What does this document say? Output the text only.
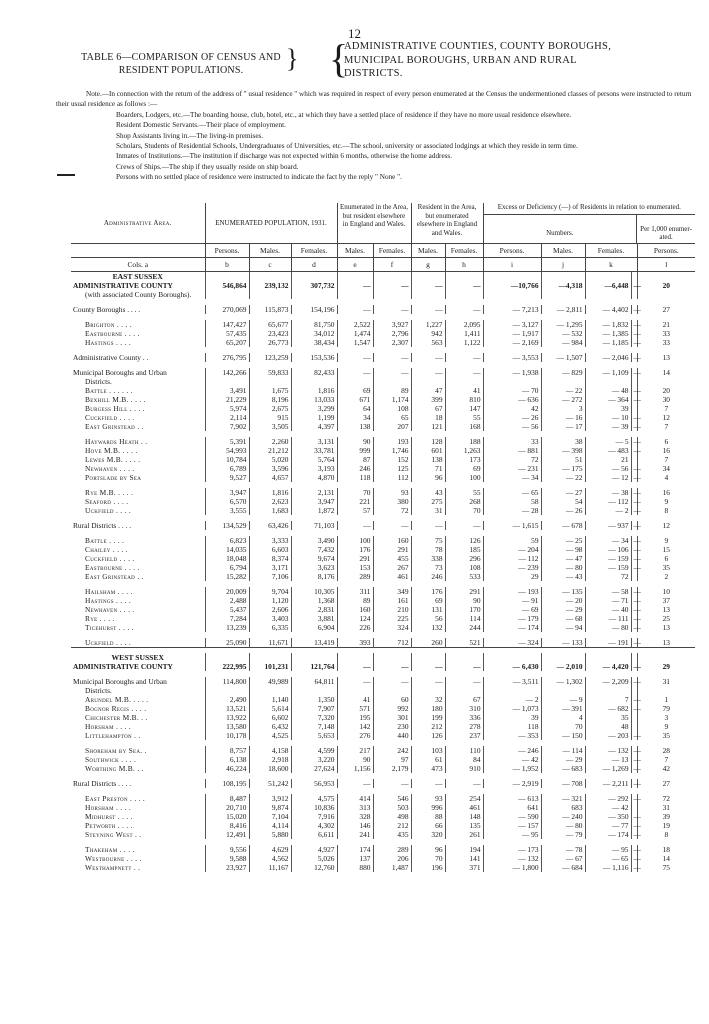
12
TABLE 6—COMPARISON OF CENSUS AND
RESIDENT POPULATIONS.	} {
ADMINISTRATIVE COUNTIES, COUNTY BOROUGHS,
MUNICIPAL BOROUGHS, URBAN AND RURAL
DISTRICTS.

Note.—In connection with the return of the address of " usual residence " which was required in respect of every person enumerated at the Census the undermentioned classes of persons were instructed to return their usual residence as follows :—

Boarders, Lodgers, etc.—The boarding house, club, hotel, etc., at which they have a settled place of residence if they have no more usual residence elsewhere.

Resident Domestic Servants.—Their place of employment.

Shop Assistants living in.—The living-in premises.

Scholars, Students of Residential Schools, Undergraduates of Universities, etc.—The school, university or associated lodgings at which they reside in term time.

Inmates of Institutions.—The institution if discharge was not expected within 6 months, otherwise the home address.

Crews of Ships.—The ship if they usually reside on ship board.

Persons with no settled place of residence were instructed to indicate the fact by the reply " None ".

Administrative Area.	ENUMERATED POPULATION, 1931.			Enumerated in the Area, but resident elsewhere in England and Wales.		Resident in the Area, but enumerated elsewhere in England and Wales.		Excess or Deficiency (—) of Residents in relation to enumerated.
Numbers. Per 1,000 enumer- ated.				

	Persons.	Males.	Females.	Males.	Females.	Males.	Females.	Persons.	Males.	Females.		Persons.
Cols. a	b	c	d	e	f	g	h	i	j	k		l
EAST SUSSEX												
ADMINISTRATIVE COUNTY	546,864	239,132	307,732	—	—	—	—	—10,766	—4,318	—6,448	—	20
(with associated County Boroughs).												

County Boroughs . . . .	270,069	115,873	154,196	—	—	—	—	— 7,213	— 2,811	— 4,402	—	27

Brighton . . . .	147,427	65,677	81,750	2,522	3,927	1,227	2,095	— 3,127	— 1,295	— 1,832	—	21
Eastbourne . . . .	57,435	23,423	34,012	1,474	2,796	942	1,411	— 1,917	— 532	— 1,385	—	33
Hastings . . . .	65,207	26,773	38,434	1,547	2,307	563	1,122	— 2,169	— 984	— 1,185	—	33

Administrative County . .	276,795	123,259	153,536	—	—	—	—	— 3,553	— 1,507	— 2,046	—	13

Municipal Boroughs and Urban	142,266	59,833	82,433	—	—	—	—	— 1,938	— 829	— 1,109	—	14
Districts.												
Battle . . . . . .	3,491	1,675	1,816	69	89	47	41	— 70	— 22	— 48	—	20
Bexhill M.B. . . . .	21,229	8,196	13,033	671	1,174	399	810	— 636	— 272	— 364	—	30
Burgess Hill . . . .	5,974	2,675	3,299	64	108	67	147	42	3	39		7
Cuckfield . . . .	2,114	915	1,199	34	65	18	55	— 26	— 16	— 10	—	12
East Grinstead . .	7,902	3,505	4,397	138	207	121	168	— 56	— 17	— 39	—	7

Haywards Heath . .	5,391	2,260	3,131	90	193	128	188	33	38	— 5	—	6
Hove M.B. . . . .	54,993	21,212	33,781	999	1,746	601	1,263	— 881	— 398	— 483	—	16
Lewes M.B. . . . .	10,784	5,020	5,764	87	152	138	173	72	51	21		7
Newhaven . . . .	6,789	3,596	3,193	246	125	71	69	— 231	— 175	— 56	—	34
Portslade by Sea	9,527	4,657	4,870	118	112	96	100	— 34	— 22	— 12	—	4

Rye M.B. . . . .	3,947	1,816	2,131	70	93	43	55	— 65	— 27	— 38	—	16
Seaford . . . .	6,570	2,623	3,947	221	380	275	268	58	54	— 112	—	9
Uckfield . . . .	3,555	1,683	1,872	57	72	31	70	— 28	— 26	— 2	—	8

Rural Districts . . . .	134,529	63,426	71,103	—	—	—	—	— 1,615	— 678	— 937	—	12

Battle . . . .	6,823	3,333	3,490	100	160	75	126	59	— 25	— 34	—	9
Chailey . . . .	14,035	6,603	7,432	176	291	78	185	— 204	— 98	— 106	—	15
Cuckfield . . . .	18,048	8,374	9,674	291	455	338	296	— 112	— 47	— 159	—	6
Eastbourne . . . .	6,794	3,171	3,623	153	267	73	108	— 239	— 80	— 159	—	35
East Grinstead . .	15,282	7,106	8,176	289	461	246	533	29	— 43	72		2

Hailsham . . . .	20,009	9,704	10,305	311	349	176	291	— 193	— 135	— 58	—	10
Hastings . . . .	2,488	1,120	1,368	89	161	69	90	— 91	— 20	— 71	—	37
Newhaven . . . .	5,437	2,606	2,831	160	210	131	170	— 69	— 29	— 40	—	13
Rye . . . .	7,284	3,403	3,881	124	225	56	114	— 179	— 68	— 111	—	25
Ticehurst . . . .	13,239	6,335	6,904	226	324	132	244	— 174	— 94	— 80	—	13

Uckfield . . . .	25,090	11,671	13,419	393	712	260	521	— 324	— 133	— 191	—	13

WEST SUSSEX												
ADMINISTRATIVE COUNTY	222,995	101,231	121,764	—	—	—	—	— 6,430	— 2,010	— 4,420	—	29

Municipal Boroughs and Urban	114,800	49,989	64,811	—	—	—	—	— 3,511	— 1,302	— 2,209	—	31
Districts.												
Arundel M.B. . . . .	2,490	1,140	1,350	41	60	32	67	— 2	— 9	7	—	1
Bognor Regis . . . .	13,521	5,614	7,907	571	992	180	310	— 1,073	— 391	— 682	—	79
Chichester M.B. . .	13,922	6,602	7,320	195	301	199	336	39	4	35		3
Horsham . . . .	13,580	6,432	7,148	142	230	212	278	118	70	48		9
Littlehampton . .	10,178	4,525	5,653	276	440	126	237	— 353	— 150	— 203	—	35

Shoreham by Sea. .	8,757	4,158	4,599	217	242	103	110	— 246	— 114	— 132	—	28
Southwick . . . .	6,138	2,918	3,220	90	97	61	84	— 42	— 29	— 13	—	7
Worthing M.B. . .	46,224	18,600	27,624	1,156	2,179	473	910	— 1,952	— 683	— 1,269	—	42

Rural Districts . . . .	108,195	51,242	56,953	—	—	—	—	— 2,919	— 708	— 2,211	—	27

East Preston . . . .	8,487	3,912	4,575	414	546	93	254	— 613	— 321	— 292	—	72
Horsham . . . .	20,710	9,874	10,836	313	503	996	461	641	683	— 42		31
Midhurst . . . .	15,020	7,104	7,916	328	498	88	148	— 590	— 240	— 350	—	39
Petworth . . . .	8,416	4,114	4,302	146	212	66	135	— 157	— 80	— 77	—	19
Steyning West . .	12,491	5,880	6,611	241	435	320	261	— 95	— 79	— 174	—	8

Thakeham . . . .	9,556	4,629	4,927	174	289	96	194	— 173	— 78	— 95	—	18
Westbourne . . . .	9,588	4,562	5,026	137	206	70	141	— 132	— 67	— 65	—	14
Westhampnett . .	23,927	11,167	12,760	880	1,487	196	371	— 1,800	— 684	— 1,116	—	75
